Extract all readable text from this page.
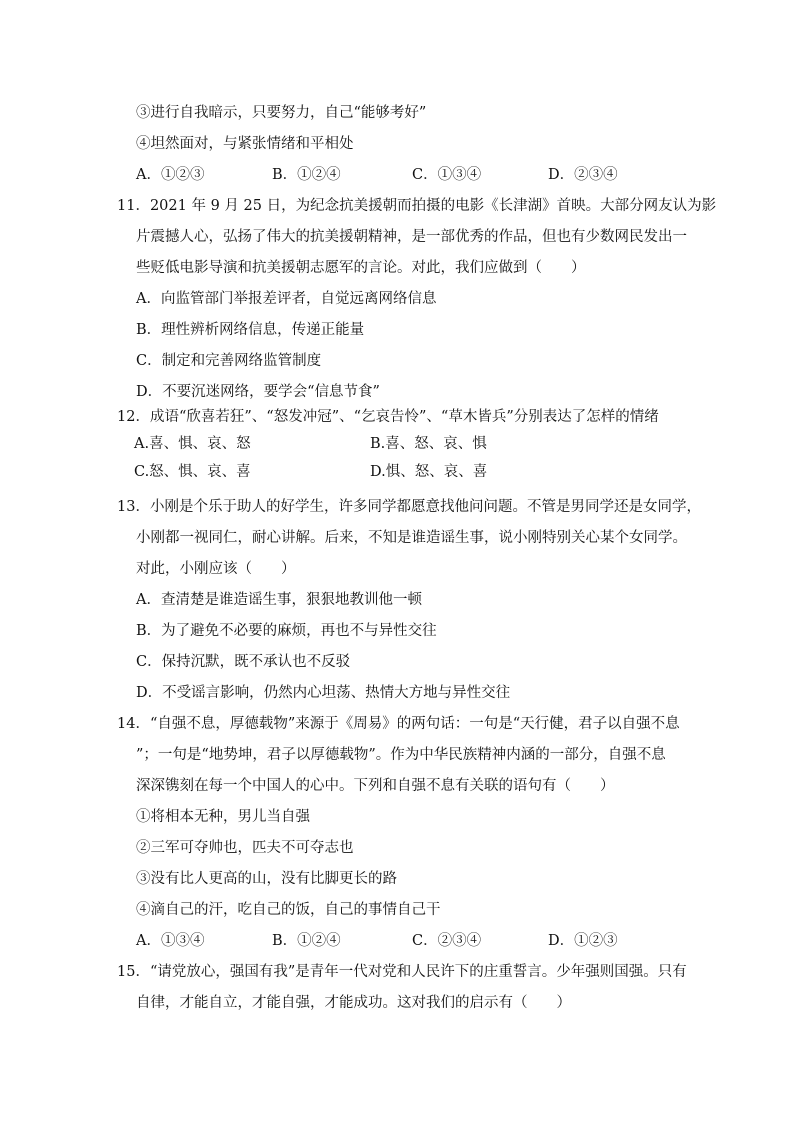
③进行自我暗示，只要努力，自己“能够考好”
④坦然面对，与紧张情绪和平相处
A．①②③	B．①②④	C．①③④	D．②③④
11．2021 年 9 月 25 日，为纪念抗美援朝而拍摄的电影《长津湖》首映。大部分网友认为影
片震撼人心，弘扬了伟大的抗美援朝精神，是一部优秀的作品，但也有少数网民发出一
些贬低电影导演和抗美援朝志愿军的言论。对此，我们应做到（　　）
A．向监管部门举报差评者，自觉远离网络信息
B．理性辨析网络信息，传递正能量
C．制定和完善网络监管制度
D．不要沉迷网络，要学会“信息节食”
12．成语“欣喜若狂”、“怒发冲冠”、“乞哀告怜”、“草木皆兵”分别表达了怎样的情绪
A.喜、惧、哀、怒	B.喜、怒、哀、惧
C.怒、惧、哀、喜	D.惧、怒、哀、喜
13．小刚是个乐于助人的好学生，许多同学都愿意找他问问题。不管是男同学还是女同学，
小刚都一视同仁，耐心讲解。后来，不知是谁造谣生事，说小刚特别关心某个女同学。
对此，小刚应该（　　）
A．查清楚是谁造谣生事，狠狠地教训他一顿
B．为了避免不必要的麻烦，再也不与异性交往
C．保持沉默，既不承认也不反驳
D．不受谣言影响，仍然内心坦荡、热情大方地与异性交往
14．“自强不息，厚德载物”来源于《周易》的两句话：一句是“天行健，君子以自强不息
”；一句是“地势坤，君子以厚德载物”。作为中华民族精神内涵的一部分，自强不息
深深镌刻在每一个中国人的心中。下列和自强不息有关联的语句有（　　）
①将相本无种，男儿当自强
②三军可夺帅也，匹夫不可夺志也
③没有比人更高的山，没有比脚更长的路
④滴自己的汗，吃自己的饭，自己的事情自己干
A．①③④	B．①②④	C．②③④	D．①②③
15．“请党放心，强国有我”是青年一代对党和人民许下的庄重誓言。少年强则国强。只有
自律，才能自立，才能自强，才能成功。这对我们的启示有（　　）
